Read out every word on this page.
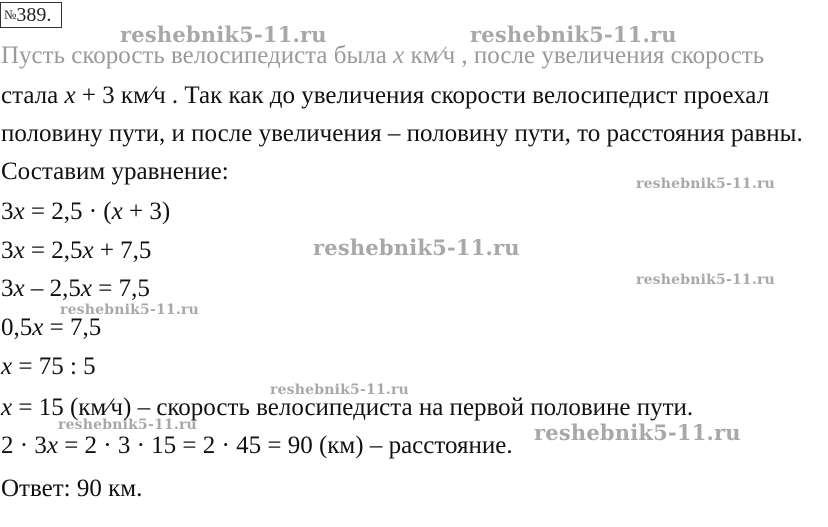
№389.
reshebnik5-11.ru	reshebnik5-11.ru
reshebnik5-11.ru
reshebnik5-11.ru
reshebnik5-11.ru
reshebnik5-11.ru
reshebnik5-11.ru
reshebnik5-11.ru	reshebnik5-11.ru
Пусть скорость велосипедиста была x км⁄ч , после увеличения скорость
стала x + 3 км⁄ч . Так как до увеличения скорости велосипедист проехал
половину пути, и после увеличения – половину пути, то расстояния равны.
Составим уравнение:
3x = 2,5 · (x + 3)
3x = 2,5x + 7,5
3x – 2,5x = 7,5
0,5x = 7,5
x = 75 : 5
x = 15 (км⁄ч) – скорость велосипедиста на первой половине пути.
2 · 3x = 2 · 3 · 15 = 2 · 45 = 90 (км) – расстояние.
Ответ: 90 км.
